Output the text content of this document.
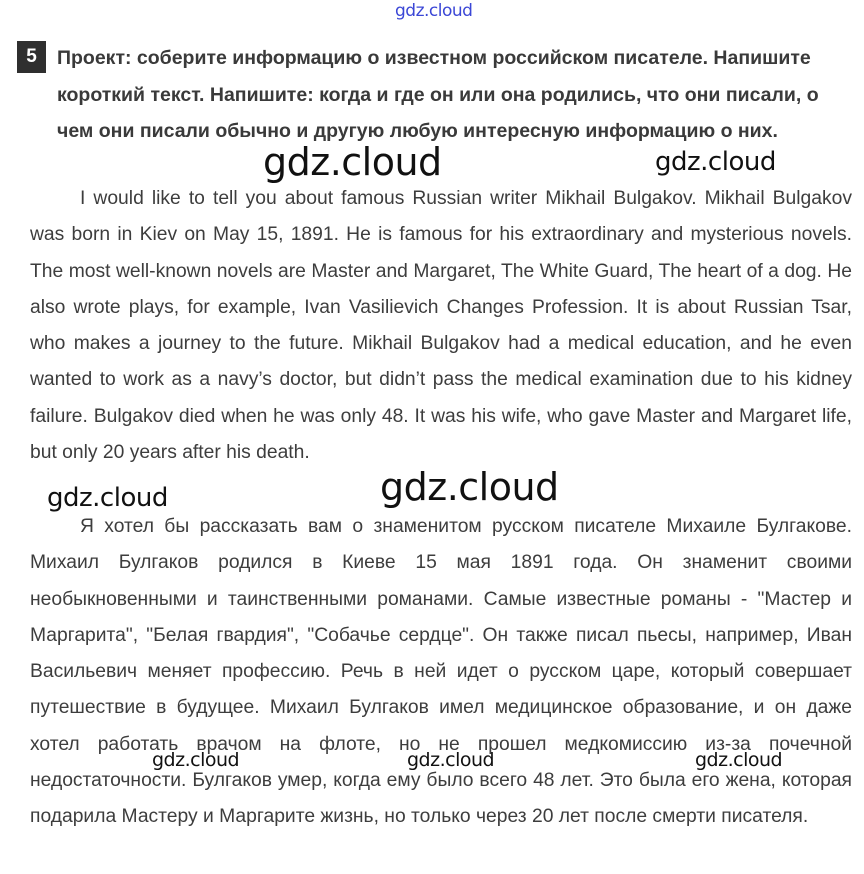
gdz.cloud
5	Проект: соберите информацию о известном российском писателе. Напишите короткий текст. Напишите: когда и где он или она родились, что они писали, о чем они писали обычно и другую любую интересную информацию о них.
I would like to tell you about famous Russian writer Mikhail Bulgakov. Mikhail Bulgakov was born in Kiev on May 15, 1891. He is famous for his extraordinary and mysterious novels. The most well-known novels are Master and Margaret, The White Guard, The heart of a dog. He also wrote plays, for example, Ivan Vasilievich Changes Profession. It is about Russian Tsar, who makes a journey to the future. Mikhail Bulgakov had a medical education, and he even wanted to work as a navy’s doctor, but didn’t pass the medical examination due to his kidney failure. Bulgakov died when he was only 48. It was his wife, who gave Master and Margaret life, but only 20 years after his death.
Я хотел бы рассказать вам о знаменитом русском писателе Михаиле Булгакове. Михаил Булгаков родился в Киеве 15 мая 1891 года. Он знаменит своими необыкновенными и таинственными романами. Самые известные романы - "Мастер и Маргарита", "Белая гвардия", "Собачье сердце". Он также писал пьесы, например, Иван Васильевич меняет профессию. Речь в ней идет о русском царе, который совершает путешествие в будущее. Михаил Булгаков имел медицинское образование, и он даже хотел работать врачом на флоте, но не прошел медкомиссию из-за почечной недостаточности. Булгаков умер, когда ему было всего 48 лет. Это была его жена, которая подарила Мастеру и Маргарите жизнь, но только через 20 лет после смерти писателя.
gdz.cloud	gdz.cloud
gdz.cloud	gdz.cloud
gdz.cloud	gdz.cloud	gdz.cloud
